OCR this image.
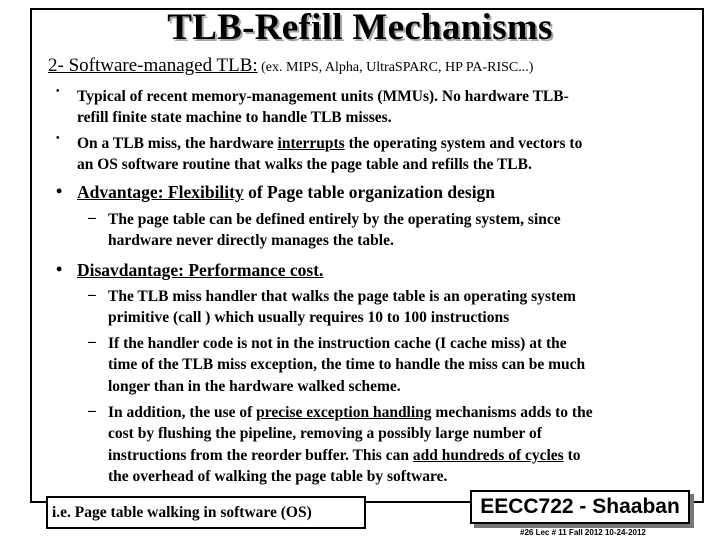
TLB-Refill Mechanisms
2- Software-managed TLB: (ex. MIPS, Alpha, UltraSPARC, HP PA-RISC...)
• Typical of recent memory-management units (MMUs). No hardware TLB-
refill finite state machine to handle TLB misses.
• On a TLB miss, the hardware interrupts the operating system and vectors to
an OS software routine that walks the page table and refills the TLB.
• Advantage: Flexibility of Page table organization design
– The page table can be defined entirely by the operating system, since
hardware never directly manages the table.
• Disavdantage: Performance cost.
– The TLB miss handler that walks the page table is an operating system
primitive (call ) which usually requires 10 to 100 instructions
– If the handler code is not in the instruction cache (I cache miss) at the
time of the TLB miss exception, the time to handle the miss can be much
longer than in the hardware walked scheme.
– In addition, the use of precise exception handling mechanisms adds to the
cost by flushing the pipeline, removing a possibly large number of
instructions from the reorder buffer. This can add hundreds of cycles to
the overhead of walking the page table by software.
i.e. Page table walking in software (OS)	EECC722 - Shaaban
#26 Lec # 11 Fall 2012 10-24-2012
